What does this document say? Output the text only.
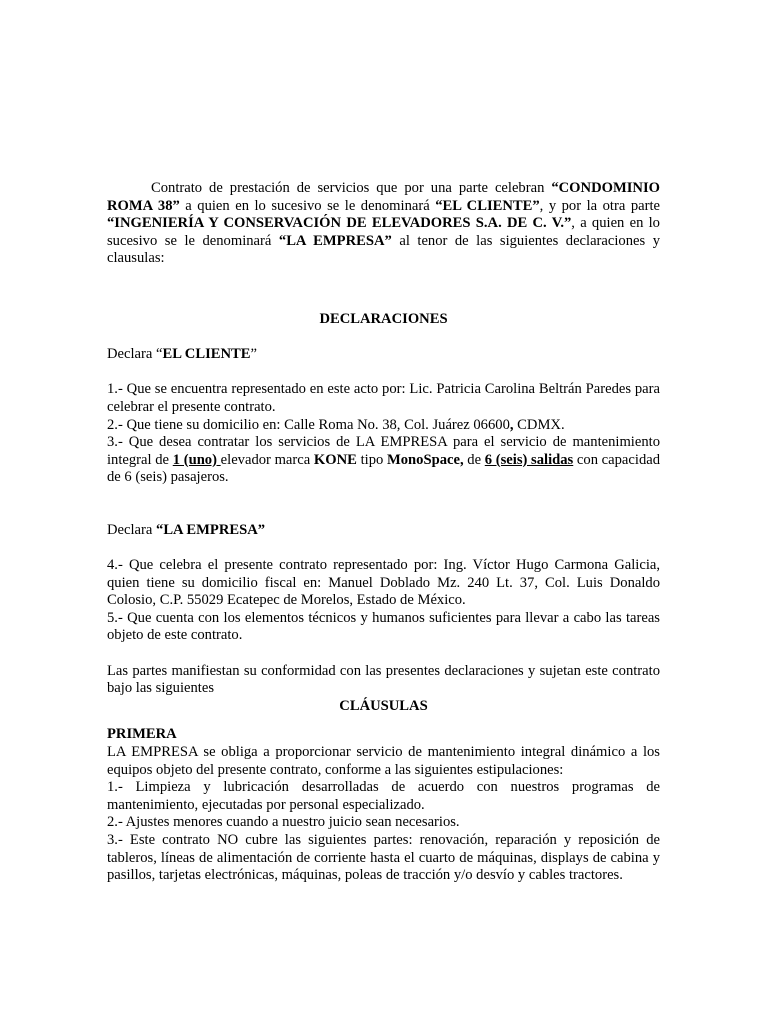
Contrato de prestación de servicios que por una parte celebran “CONDOMINIO ROMA 38” a quien en lo sucesivo se le denominará “EL CLIENTE”, y por la otra parte “INGENIERÍA Y CONSERVACIÓN DE ELEVADORES S.A. DE C. V.”, a quien en lo sucesivo se le denominará “LA EMPRESA” al tenor de las siguientes declaraciones y clausulas:

DECLARACIONES

Declara “EL CLIENTE”

1.- Que se encuentra representado en este acto por: Lic. Patricia Carolina Beltrán Paredes para celebrar el presente contrato.

2.- Que tiene su domicilio en: Calle Roma No. 38, Col. Juárez 06600, CDMX.

3.- Que desea contratar los servicios de LA EMPRESA para el servicio de mantenimiento integral de 1 (uno) elevador marca KONE tipo MonoSpace, de 6 (seis) salidas con capacidad de 6 (seis) pasajeros.

Declara “LA EMPRESA”

4.- Que celebra el presente contrato representado por: Ing. Víctor Hugo Carmona Galicia, quien tiene su domicilio fiscal en: Manuel Doblado Mz. 240 Lt. 37, Col. Luis Donaldo Colosio, C.P. 55029 Ecatepec de Morelos, Estado de México.

5.- Que cuenta con los elementos técnicos y humanos suficientes para llevar a cabo las tareas objeto de este contrato.

Las partes manifiestan su conformidad con las presentes declaraciones y sujetan este contrato bajo las siguientes

CLÁUSULAS

PRIMERA

LA EMPRESA se obliga a proporcionar servicio de mantenimiento integral dinámico a los equipos objeto del presente contrato, conforme a las siguientes estipulaciones:

1.- Limpieza y lubricación desarrolladas de acuerdo con nuestros programas de mantenimiento, ejecutadas por personal especializado.

2.- Ajustes menores cuando a nuestro juicio sean necesarios.

3.- Este contrato NO cubre las siguientes partes: renovación, reparación y reposición de tableros, líneas de alimentación de corriente hasta el cuarto de máquinas, displays de cabina y pasillos, tarjetas electrónicas, máquinas, poleas de tracción y/o desvío y cables tractores.
